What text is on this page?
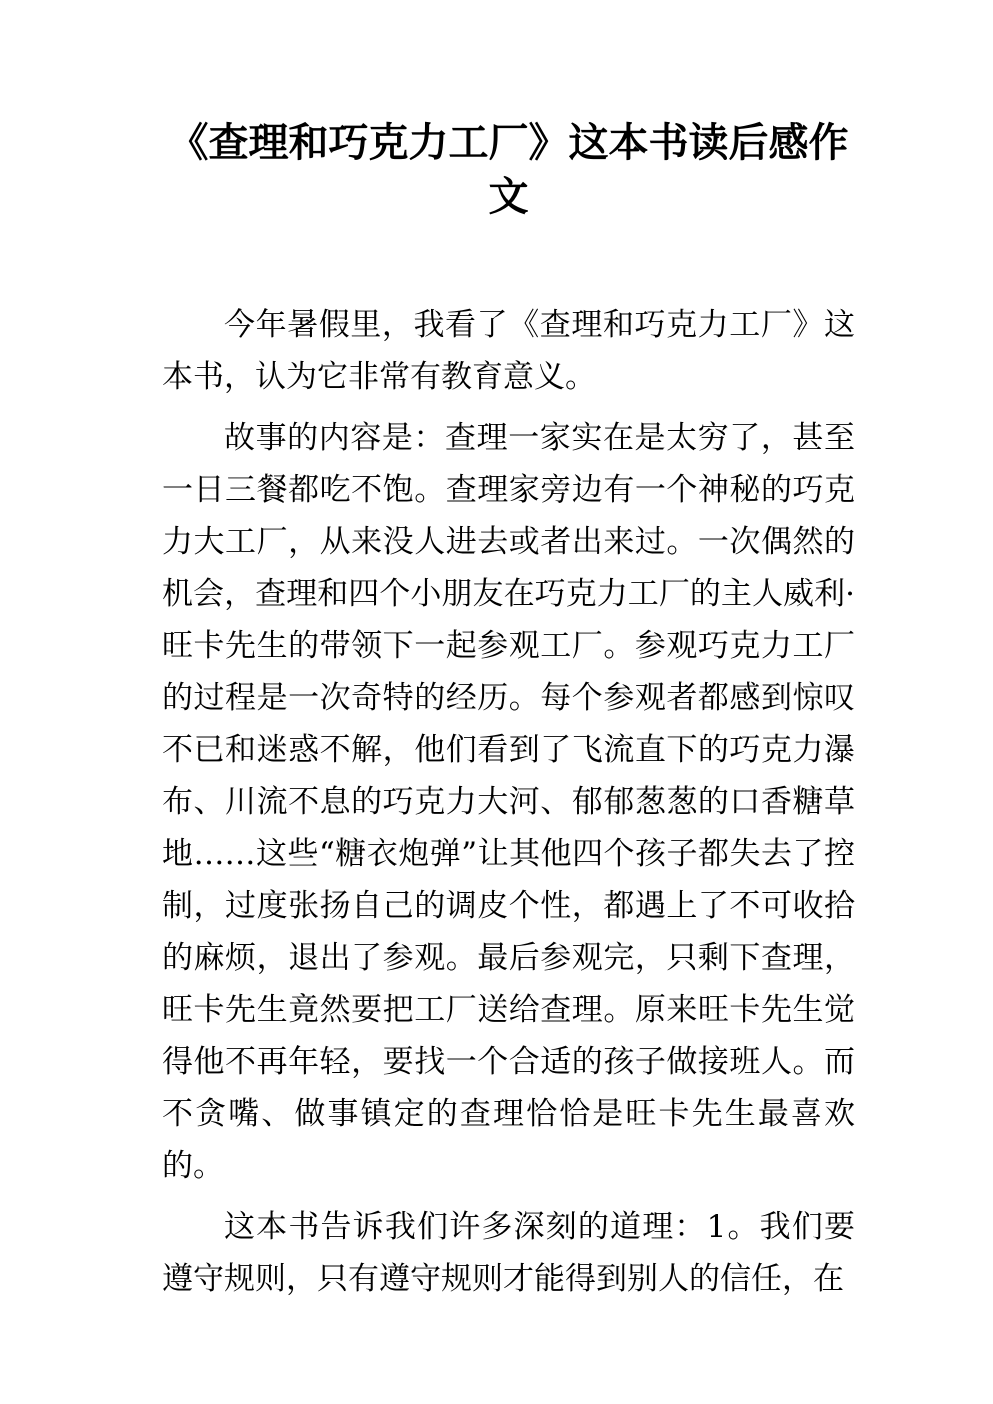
《查理和巧克力工厂》这本书读后感作文

今年暑假里，我看了《查理和巧克力工厂》这本书，认为它非常有教育意义。

故事的内容是：查理一家实在是太穷了，甚至一日三餐都吃不饱。查理家旁边有一个神秘的巧克力大工厂，从来没人进去或者出来过。一次偶然的机会，查理和四个小朋友在巧克力工厂的主人威利·旺卡先生的带领下一起参观工厂。参观巧克力工厂的过程是一次奇特的经历。每个参观者都感到惊叹不已和迷惑不解，他们看到了飞流直下的巧克力瀑布、川流不息的巧克力大河、郁郁葱葱的口香糖草地……这些“糖衣炮弹”让其他四个孩子都失去了控制，过度张扬自己的调皮个性，都遇上了不可收拾的麻烦，退出了参观。最后参观完，只剩下查理，旺卡先生竟然要把工厂送给查理。原来旺卡先生觉得他不再年轻，要找一个合适的孩子做接班人。而不贪嘴、做事镇定的查理恰恰是旺卡先生最喜欢的。

这本书告诉我们许多深刻的道理：1。我们要遵守规则，只有遵守规则才能得到别人的信任，在
